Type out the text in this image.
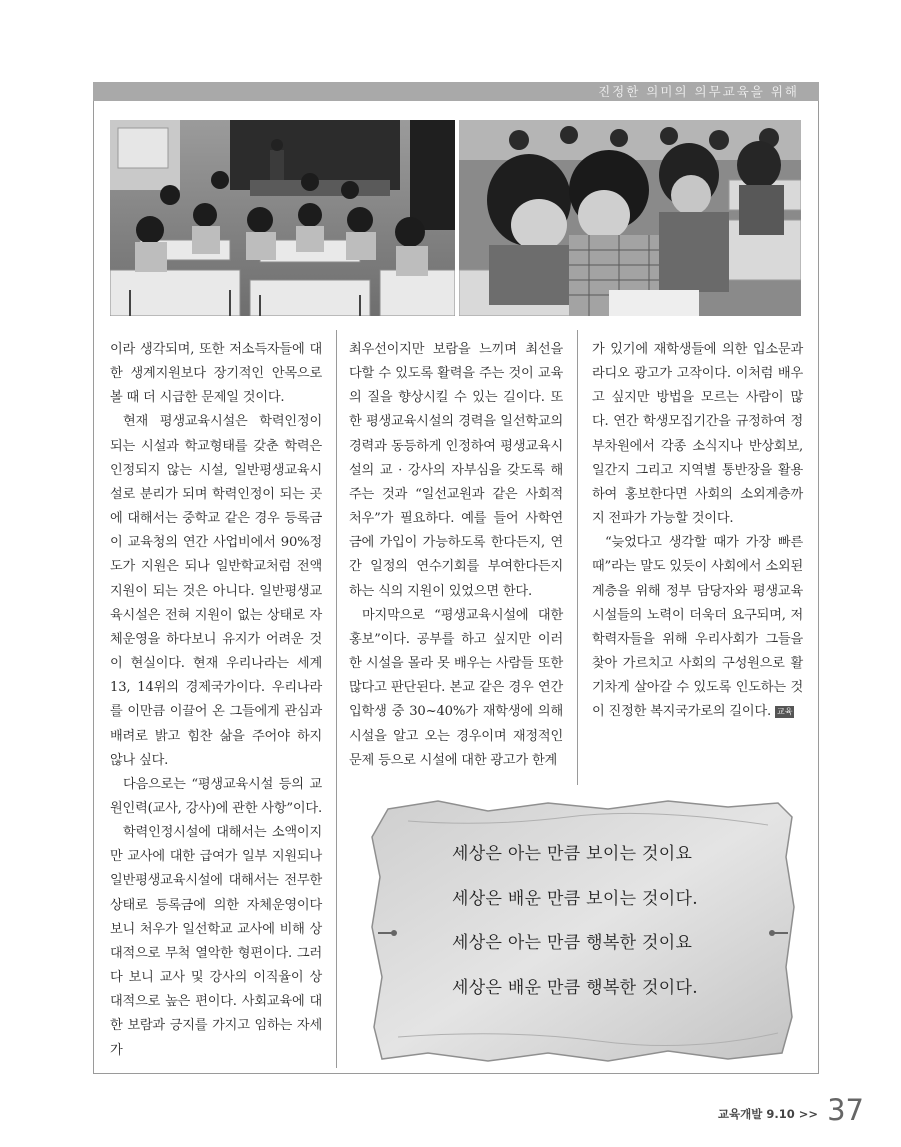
진정한 의미의 의무교육을 위해

이라 생각되며, 또한 저소득자들에 대한 생계지원보다 장기적인 안목으로 볼 때 더 시급한 문제일 것이다.

현재 평생교육시설은 학력인정이 되는 시설과 학교형태를 갖춘 학력은 인정되지 않는 시설, 일반평생교육시설로 분리가 되며 학력인정이 되는 곳에 대해서는 중학교 같은 경우 등록금이 교육청의 연간 사업비에서 90%정도가 지원은 되나 일반학교처럼 전액 지원이 되는 것은 아니다. 일반평생교육시설은 전혀 지원이 없는 상태로 자체운영을 하다보니 유지가 어려운 것이 현실이다. 현재 우리나라는 세계 13, 14위의 경제국가이다. 우리나라를 이만큼 이끌어 온 그들에게 관심과 배려로 밝고 힘찬 삶을 주어야 하지 않나 싶다.

다음으로는 “평생교육시설 등의 교원인력(교사, 강사)에 관한 사항”이다.

학력인정시설에 대해서는 소액이지만 교사에 대한 급여가 일부 지원되나 일반평생교육시설에 대해서는 전무한 상태로 등록금에 의한 자체운영이다 보니 처우가 일선학교 교사에 비해 상대적으로 무척 열악한 형편이다. 그러다 보니 교사 및 강사의 이직율이 상대적으로 높은 편이다. 사회교육에 대한 보람과 긍지를 가지고 임하는 자세가

최우선이지만 보람을 느끼며 최선을 다할 수 있도록 활력을 주는 것이 교육의 질을 향상시킬 수 있는 길이다. 또한 평생교육시설의 경력을 일선학교의 경력과 동등하게 인정하여 평생교육시설의 교 · 강사의 자부심을 갖도록 해주는 것과 “일선교원과 같은 사회적 처우”가 필요하다. 예를 들어 사학연금에 가입이 가능하도록 한다든지, 연간 일정의 연수기회를 부여한다든지 하는 식의 지원이 있었으면 한다.

마지막으로 “평생교육시설에 대한 홍보”이다. 공부를 하고 싶지만 이러한 시설을 몰라 못 배우는 사람들 또한 많다고 판단된다. 본교 같은 경우 연간 입학생 중 30~40%가 재학생에 의해 시설을 알고 오는 경우이며 재정적인 문제 등으로 시설에 대한 광고가 한계

가 있기에 재학생들에 의한 입소문과 라디오 광고가 고작이다. 이처럼 배우고 싶지만 방법을 모르는 사람이 많다. 연간 학생모집기간을 규정하여 정부차원에서 각종 소식지나 반상회보, 일간지 그리고 지역별 통반장을 활용하여 홍보한다면 사회의 소외계층까지 전파가 가능할 것이다.

“늦었다고 생각할 때가 가장 빠른 때”라는 말도 있듯이 사회에서 소외된 계층을 위해 정부 담당자와 평생교육시설들의 노력이 더욱더 요구되며, 저학력자들을 위해 우리사회가 그들을 찾아 가르치고 사회의 구성원으로 활기차게 살아갈 수 있도록 인도하는 것이 진정한 복지국가로의 길이다. 교육

세상은 아는 만큼 보이는 것이요
세상은 배운 만큼 보이는 것이다.
세상은 아는 만큼 행복한 것이요
세상은 배운 만큼 행복한 것이다.
교육개발 9.10 >> 37
